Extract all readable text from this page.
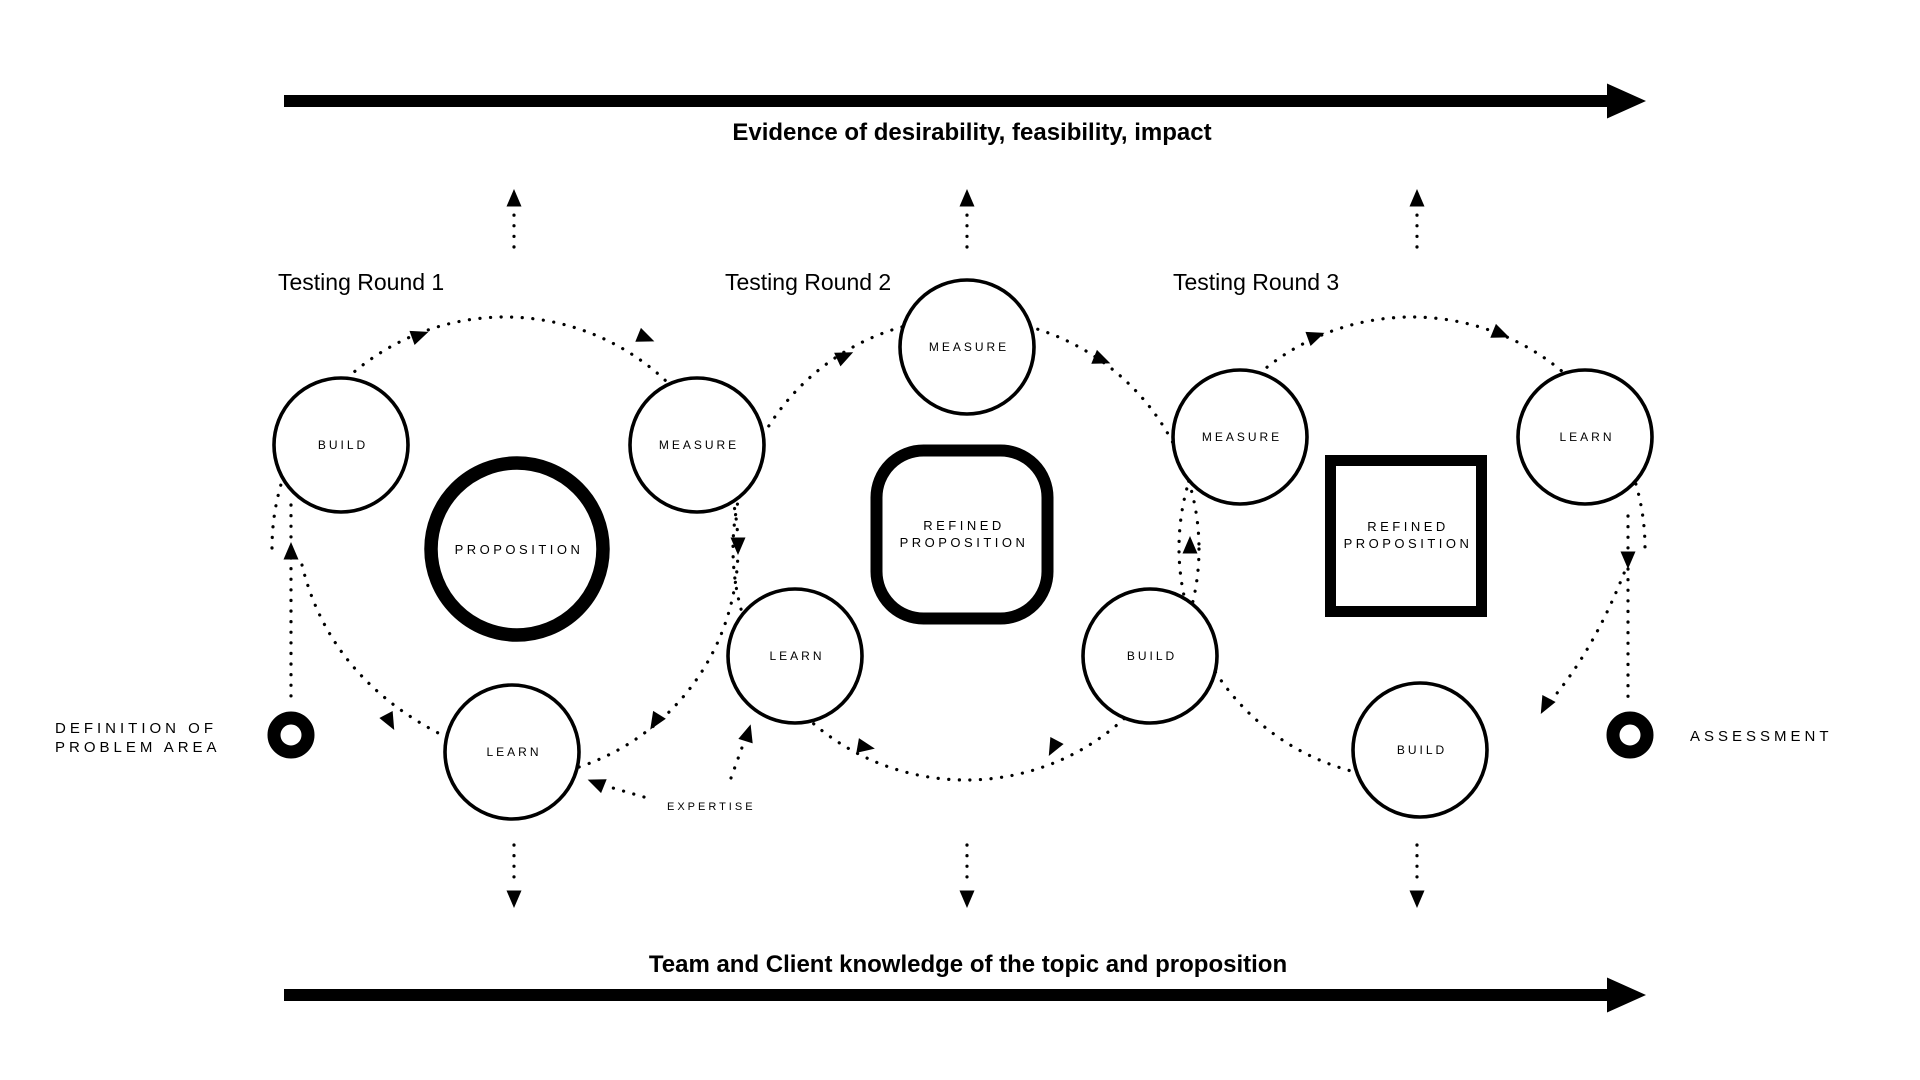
Evidence of desirability, feasibility, impact
Team and Client knowledge of the topic and proposition
Testing Round 1	Testing Round 2	Testing Round 3
BUILD	MEASURE
LEARN
MEASURE
LEARN	BUILD
MEASURE	LEARN
BUILD
PROPOSITION
REFINED
PROPOSITION
REFINED
PROPOSITION
DEFINITION OF
PROBLEM AREA
ASSESSMENT
EXPERTISE
